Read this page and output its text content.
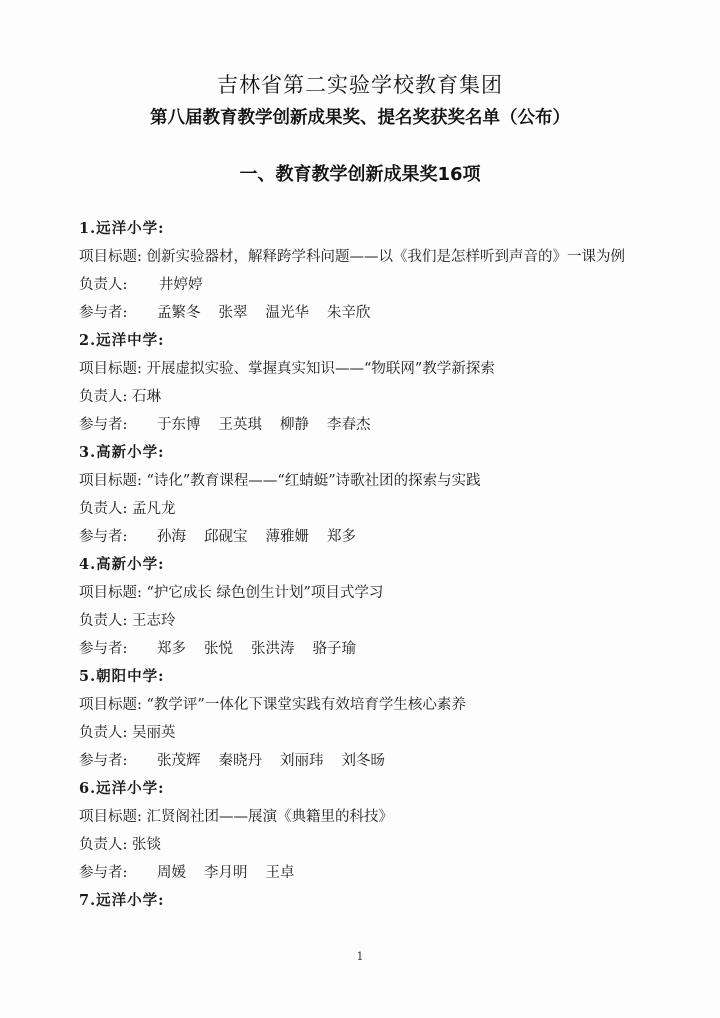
吉林省第二实验学校教育集团
第八届教育教学创新成果奖、提名奖获奖名单（公布）
一、教育教学创新成果奖16项
1.远洋小学:
项目标题: 创新实验器材，解释跨学科问题——以《我们是怎样听到声音的》一课为例
负责人: 井婷婷
参与者: 孟繁冬 张翠 温光华 朱辛欣
2.远洋中学:
项目标题: 开展虚拟实验、掌握真实知识——“物联网”教学新探索
负责人: 石琳
参与者: 于东博 王英琪 柳静 李春杰
3.高新小学:
项目标题: “诗化”教育课程——“红蜻蜓”诗歌社团的探索与实践
负责人: 孟凡龙
参与者: 孙海 邱砚宝 薄雅姗 郑多
4.高新小学:
项目标题: “护它成长 绿色创生计划”项目式学习
负责人: 王志玲
参与者: 郑多 张悦 张洪涛 骆子瑜
5.朝阳中学:
项目标题: “教学评”一体化下课堂实践有效培育学生核心素养
负责人: 吴丽英
参与者: 张茂辉 秦晓丹 刘丽玮 刘冬旸
6.远洋小学:
项目标题: 汇贤阁社团——展演《典籍里的科技》
负责人: 张锬
参与者: 周媛 李月明 王卓
7.远洋小学:
1
